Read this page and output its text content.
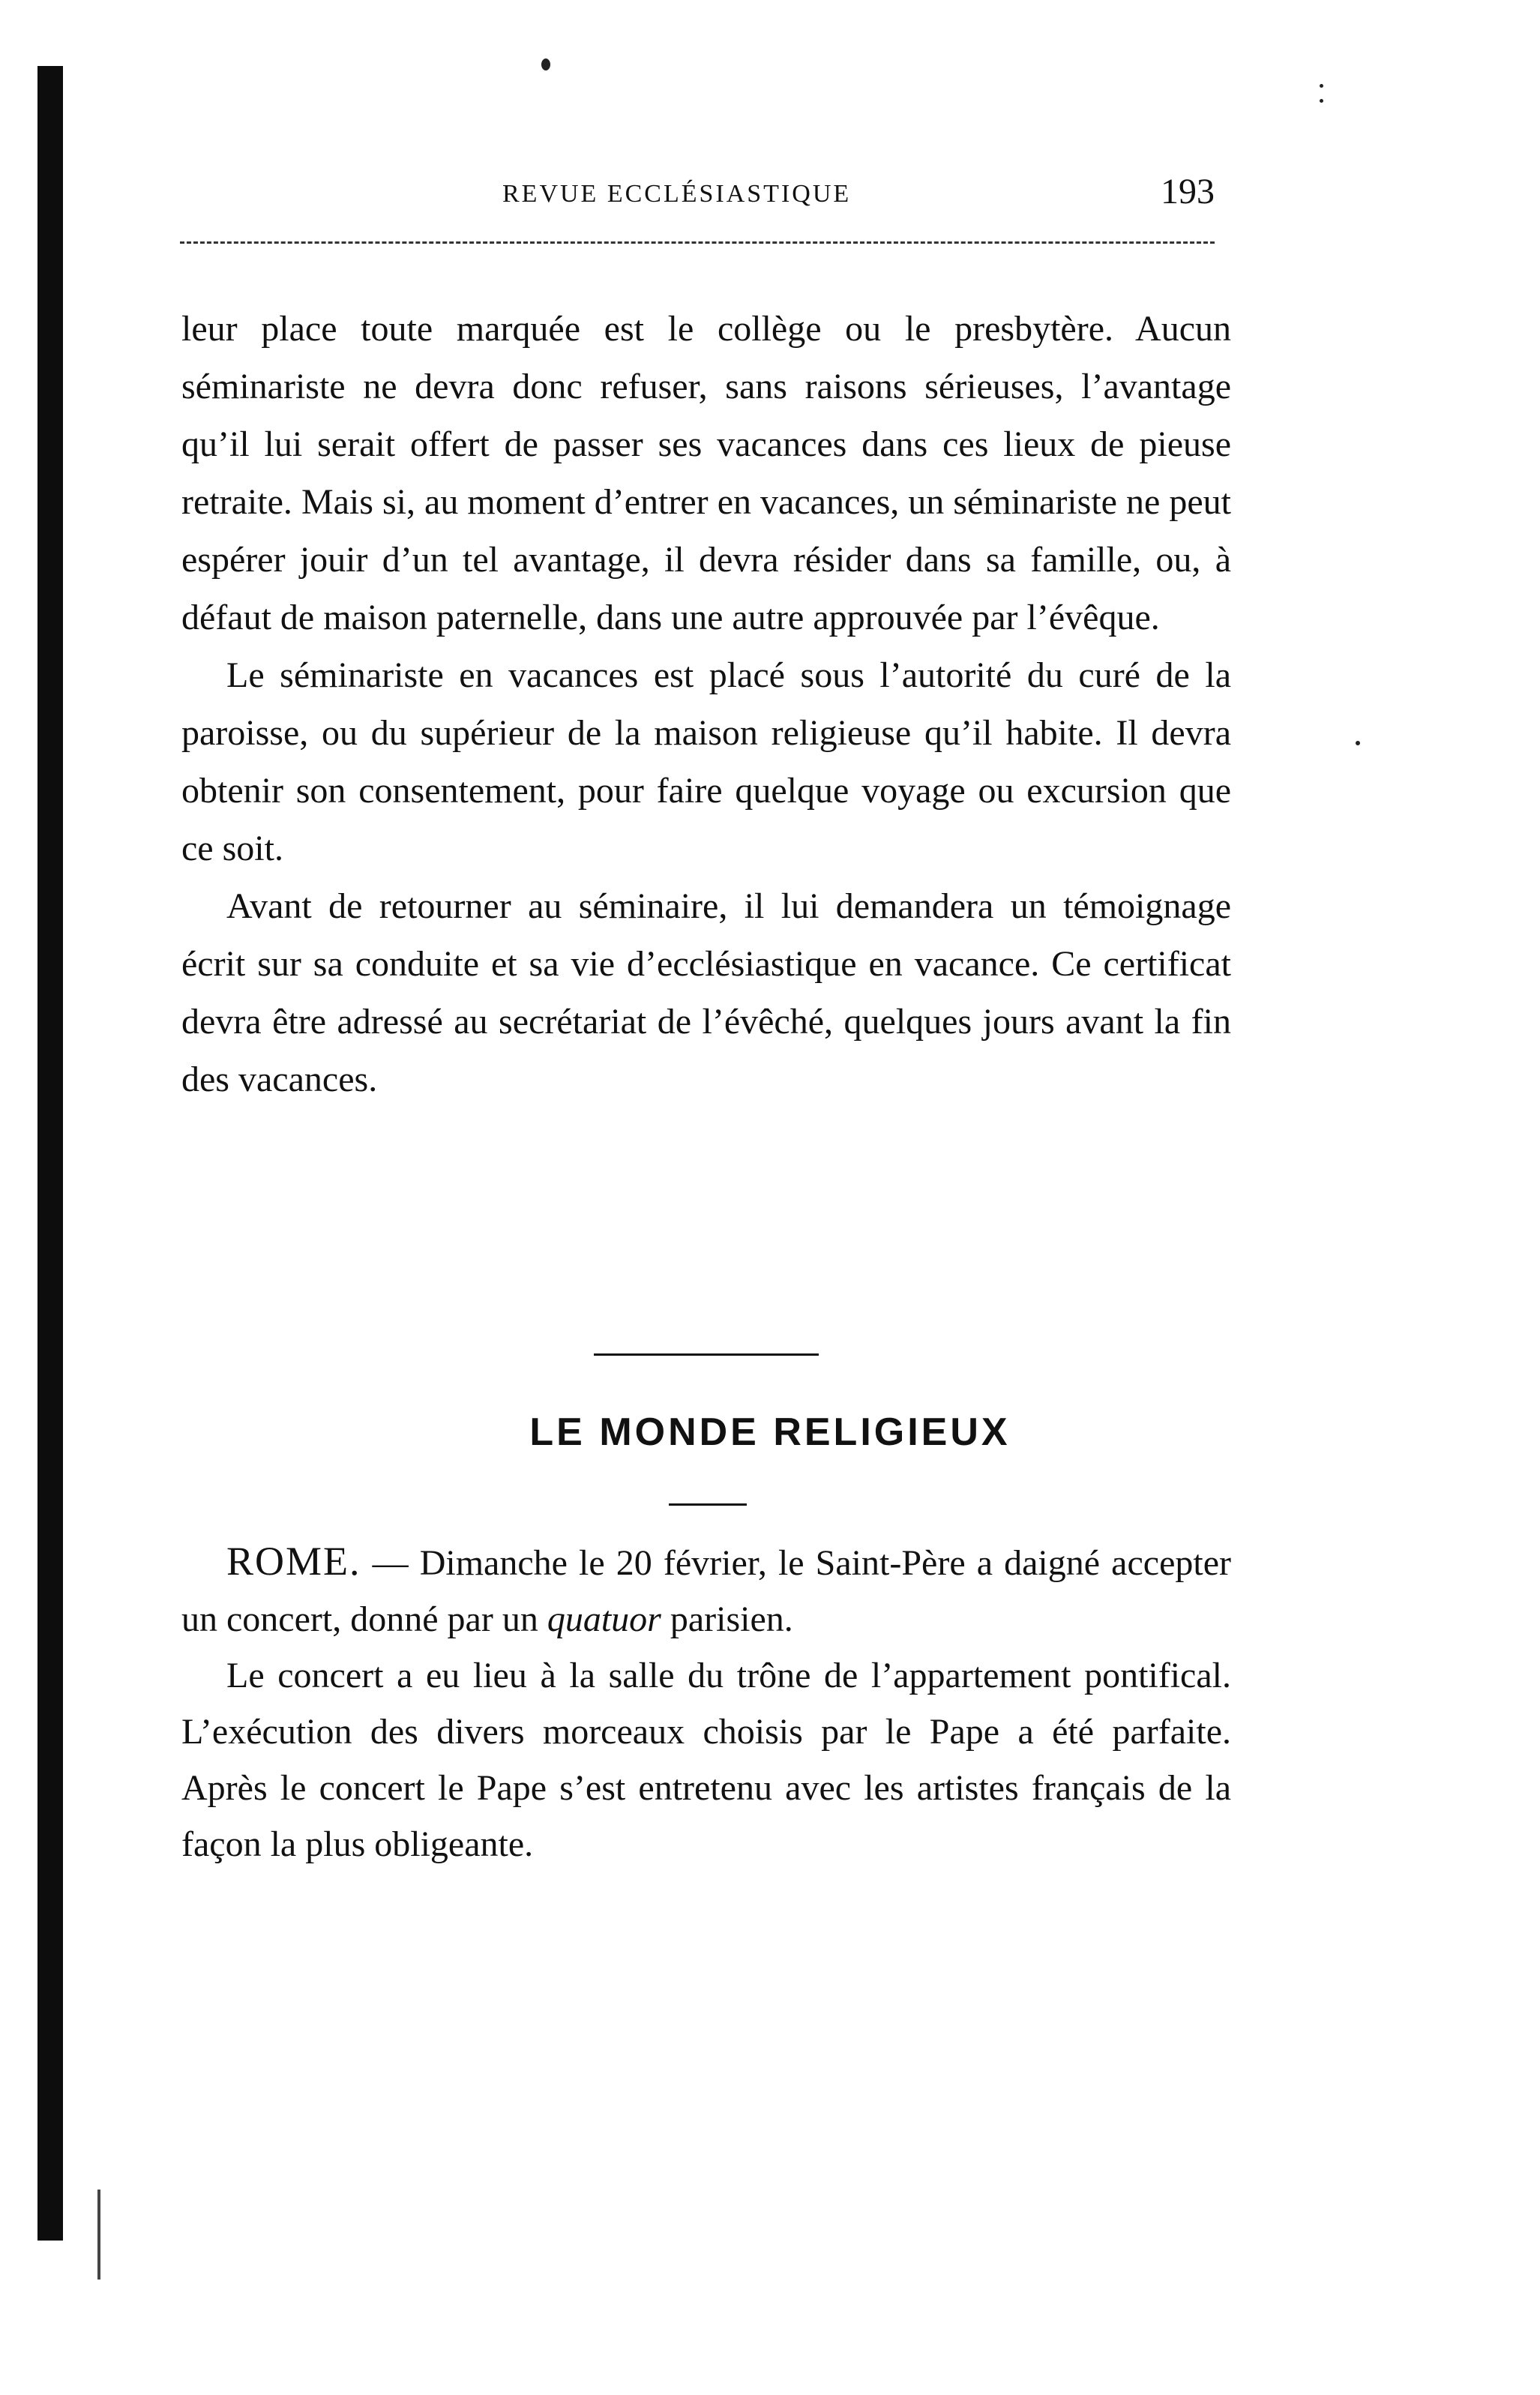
REVUE ECCLÉSIASTIQUE	193

leur place toute marquée est le collège ou le presbytère. Aucun séminariste ne devra donc refuser, sans raisons sérieuses, l’avantage qu’il lui serait offert de passer ses vacances dans ces lieux de pieuse retraite. Mais si, au moment d’entrer en vacances, un séminariste ne peut espérer jouir d’un tel avantage, il devra résider dans sa famille, ou, à défaut de maison paternelle, dans une autre approuvée par l’évêque.

Le séminariste en vacances est placé sous l’autorité du curé de la paroisse, ou du supérieur de la maison religieuse qu’il habite. Il devra obtenir son consentement, pour faire quelque voyage ou excursion que ce soit.

Avant de retourner au séminaire, il lui demandera un témoignage écrit sur sa conduite et sa vie d’ecclésiastique en vacance. Ce certificat devra être adressé au secrétariat de l’évêché, quelques jours avant la fin des vacances.

LE MONDE RELIGIEUX

ROME. — Dimanche le 20 février, le Saint-Père a daigné accepter un concert, donné par un quatuor parisien.

Le concert a eu lieu à la salle du trône de l’appartement pontifical. L’exécution des divers morceaux choisis par le Pape a été parfaite. Après le concert le Pape s’est entretenu avec les artistes français de la façon la plus obligeante.
